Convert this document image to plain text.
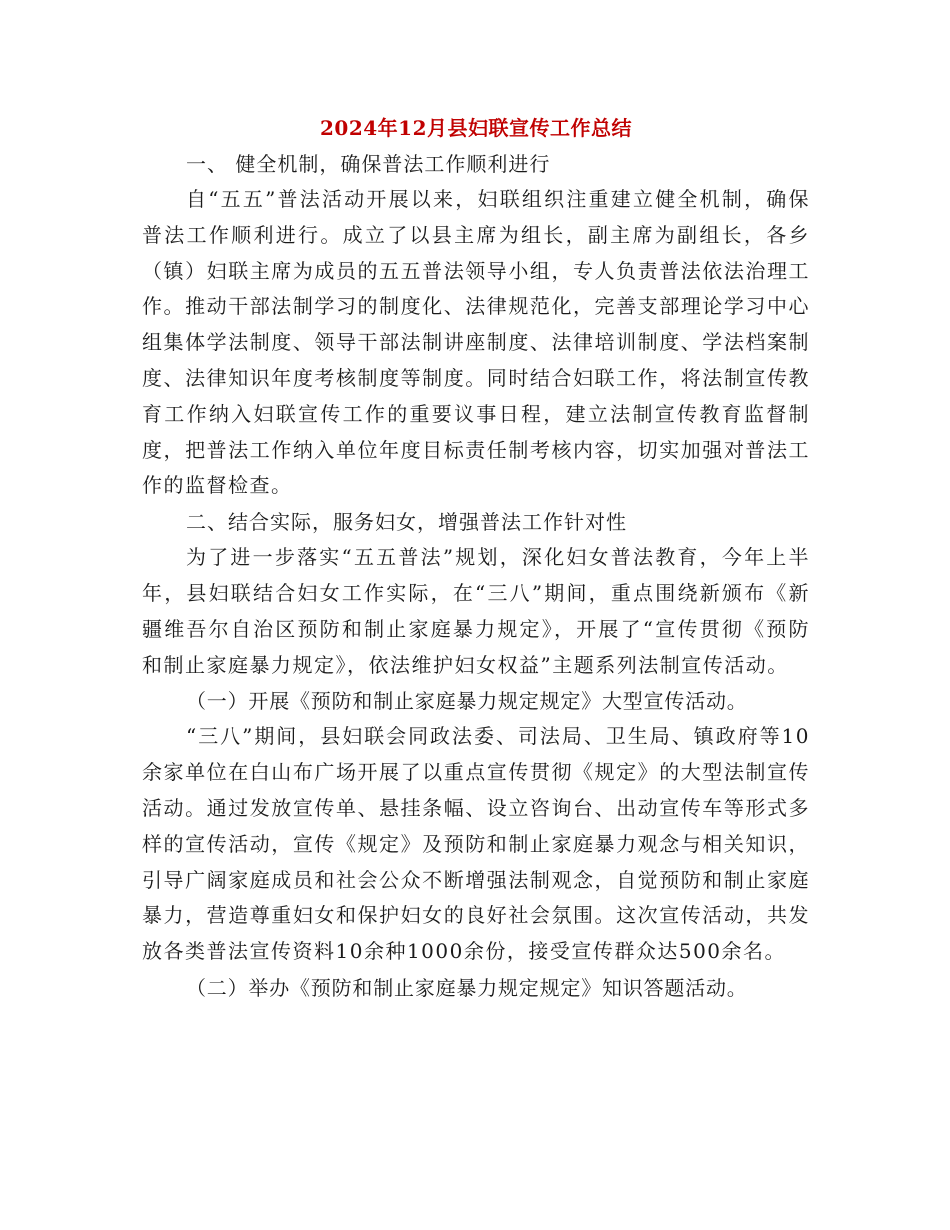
2024年12月县妇联宣传工作总结

一、 健全机制，确保普法工作顺利进行

自“五五”普法活动开展以来，妇联组织注重建立健全机制，确保普法工作顺利进行。成立了以县主席为组长，副主席为副组长，各乡（镇）妇联主席为成员的五五普法领导小组，专人负责普法依法治理工作。推动干部法制学习的制度化、法律规范化，完善支部理论学习中心组集体学法制度、领导干部法制讲座制度、法律培训制度、学法档案制度、法律知识年度考核制度等制度。同时结合妇联工作，将法制宣传教育工作纳入妇联宣传工作的重要议事日程，建立法制宣传教育监督制度，把普法工作纳入单位年度目标责任制考核内容，切实加强对普法工作的监督检查。

二、结合实际，服务妇女，增强普法工作针对性

为了进一步落实“五五普法”规划，深化妇女普法教育，今年上半年，县妇联结合妇女工作实际，在“三八”期间，重点围绕新颁布《新疆维吾尔自治区预防和制止家庭暴力规定》，开展了“宣传贯彻《预防和制止家庭暴力规定》，依法维护妇女权益”主题系列法制宣传活动。

（一）开展《预防和制止家庭暴力规定规定》大型宣传活动。

“三八”期间，县妇联会同政法委、司法局、卫生局、镇政府等10余家单位在白山布广场开展了以重点宣传贯彻《规定》的大型法制宣传活动。通过发放宣传单、悬挂条幅、设立咨询台、出动宣传车等形式多样的宣传活动，宣传《规定》及预防和制止家庭暴力观念与相关知识，引导广阔家庭成员和社会公众不断增强法制观念，自觉预防和制止家庭暴力，营造尊重妇女和保护妇女的良好社会氛围。这次宣传活动，共发放各类普法宣传资料10余种1000余份，接受宣传群众达500余名。

（二）举办《预防和制止家庭暴力规定规定》知识答题活动。
